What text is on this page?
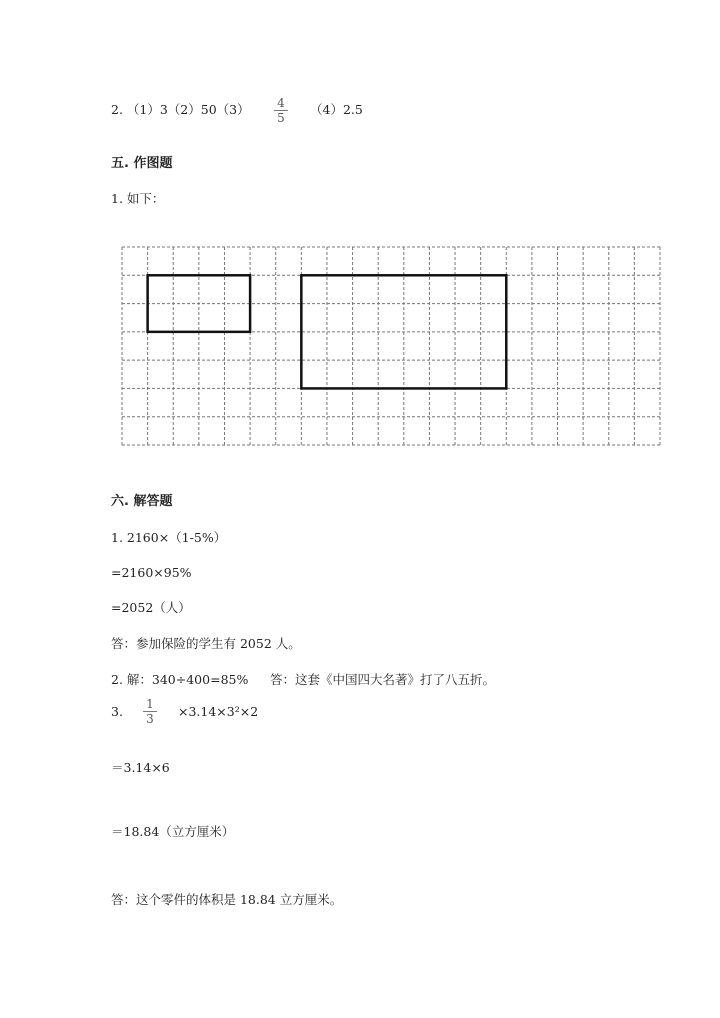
2. $(1)3(2)50(3) \frac{4}{5} (4)2.5$
五. 作图题
1. 如下：
六. 解答题
1. 2160×（1-5%）
=2160×95%
=2052（人）
答：参加保险的学生有 2052 人。
2. 解：340÷400=85% 答：这套《中国四大名著》打了八五折。
3. $\frac{1}{3} \times 3.14\times 3^2\times 2$
＝3.14×6
＝18.84（立方厘米）
答：这个零件的体积是 18.84 立方厘米。
